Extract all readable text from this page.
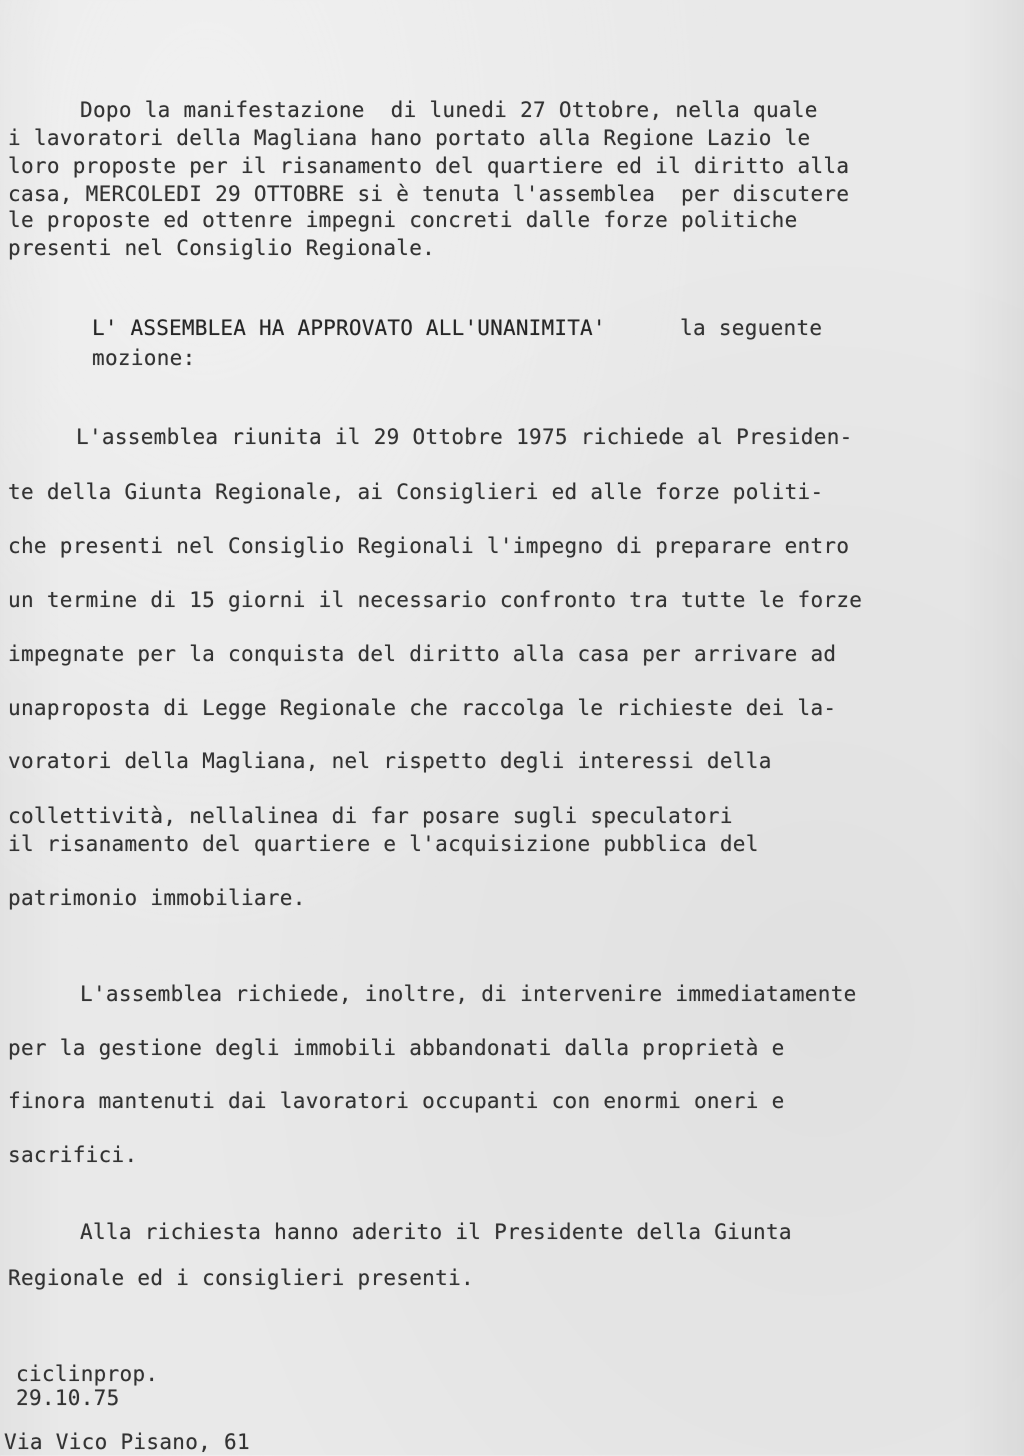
Dopo la manifestazione  di lunedi 27 Ottobre, nella quale
i lavoratori della Magliana hano portato alla Regione Lazio le
loro proposte per il risanamento del quartiere ed il diritto alla
casa, MERCOLEDI 29 OTTOBRE si è tenuta l'assemblea  per discutere
le proposte ed ottenre impegni concreti dalle forze politiche
presenti nel Consiglio Regionale.
L' ASSEMBLEA HA APPROVATO ALL'UNANIMITA'	la seguente
mozione:
L'assemblea riunita il 29 Ottobre 1975 richiede al Presiden-
te della Giunta Regionale, ai Consiglieri ed alle forze politi-
che presenti nel Consiglio Regionali l'impegno di preparare entro
un termine di 15 giorni il necessario confronto tra tutte le forze
impegnate per la conquista del diritto alla casa per arrivare ad
unaproposta di Legge Regionale che raccolga le richieste dei la-
voratori della Magliana, nel rispetto degli interessi della
collettività, nellalinea di far posare sugli speculatori
il risanamento del quartiere e l'acquisizione pubblica del
patrimonio immobiliare.
L'assemblea richiede, inoltre, di intervenire immediatamente
per la gestione degli immobili abbandonati dalla proprietà e
finora mantenuti dai lavoratori occupanti con enormi oneri e
sacrifici.
Alla richiesta hanno aderito il Presidente della Giunta
Regionale ed i consiglieri presenti.
ciclinprop.
29.10.75
Via Vico Pisano, 61
